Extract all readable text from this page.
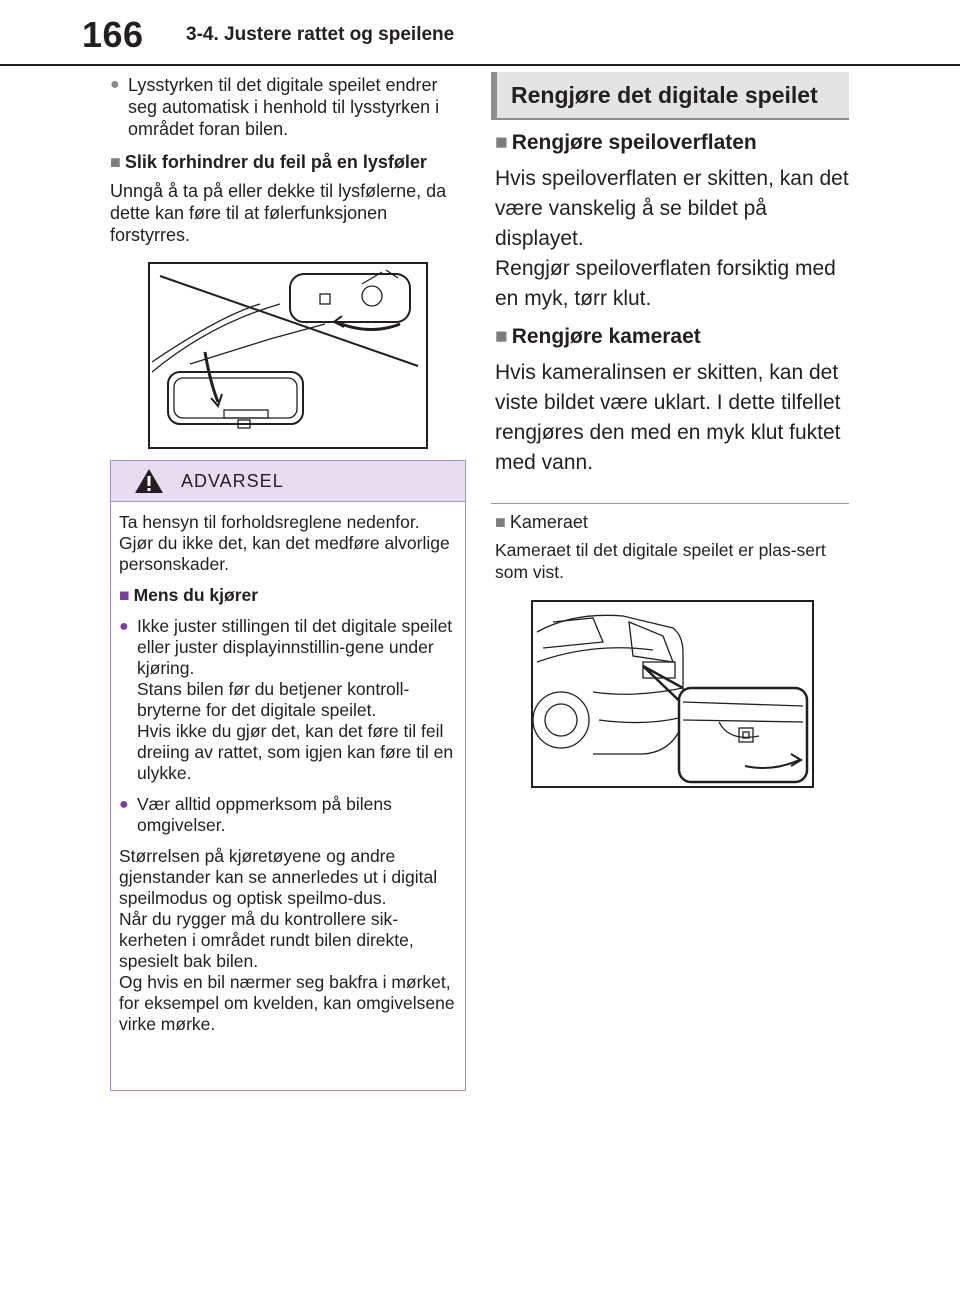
166 3-4. Justere rattet og speilene
● Lysstyrken til det digitale speilet endrer seg automatisk i henhold til lysstyrken i området foran bilen.
■ Slik forhindrer du feil på en lysføler
Unngå å ta på eller dekke til lysfølerne, da dette kan føre til at følerfunksjonen forstyrres.
ADVARSEL

Ta hensyn til forholdsreglene nedenfor. Gjør du ikke det, kan det medføre alvorlige personskader.

■ Mens du kjører

● Ikke juster stillingen til det digitale speilet eller juster displayinnstillin-gene under kjøring.
Stans bilen før du betjener kontroll-bryterne for det digitale speilet.
Hvis ikke du gjør det, kan det føre til feil dreiing av rattet, som igjen kan føre til en ulykke.
● Vær alltid oppmerksom på bilens omgivelser.

Størrelsen på kjøretøyene og andre gjenstander kan se annerledes ut i digital speilmodus og optisk speilmo-dus.
Når du rygger må du kontrollere sik-kerheten i området rundt bilen direkte, spesielt bak bilen.
Og hvis en bil nærmer seg bakfra i mørket, for eksempel om kvelden, kan omgivelsene virke mørke.

Rengjøre det digitale speilet
■ Rengjøre speiloverflaten
Hvis speiloverflaten er skitten, kan det være vanskelig å se bildet på displayet.
Rengjør speiloverflaten forsiktig med en myk, tørr klut.
■ Rengjøre kameraet
Hvis kameralinsen er skitten, kan det viste bildet være uklart. I dette tilfellet rengjøres den med en myk klut fuktet med vann.
■ Kameraet
Kameraet til det digitale speilet er plas-sert som vist.
